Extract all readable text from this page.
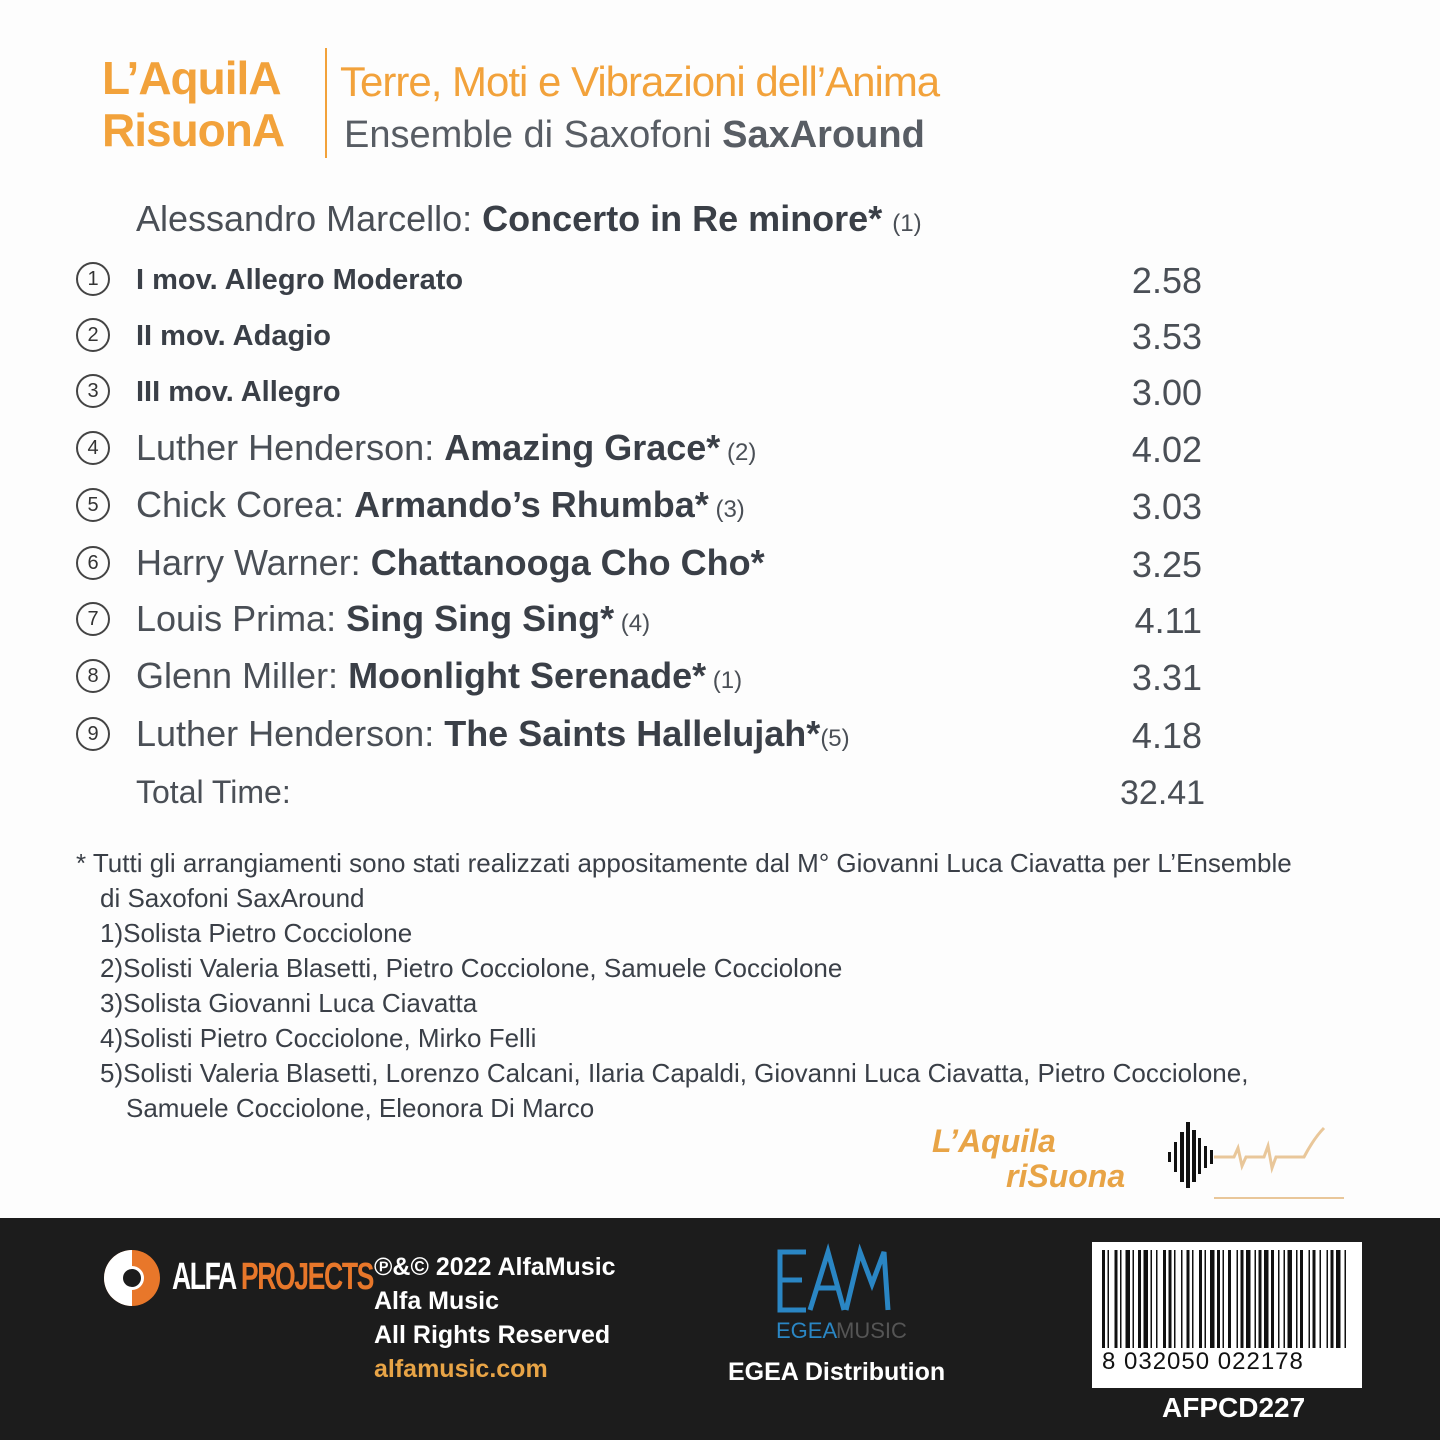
L’AquilA
RisuonA
Terre, Moti e Vibrazioni dell’Anima
Ensemble di Saxofoni SaxAround
Alessandro Marcello: Concerto in Re minore* (1)
1	I mov. Allegro Moderato	2.58
2	II mov. Adagio	3.53
3	III mov. Allegro	3.00
4	Luther Henderson: Amazing Grace* (2)	4.02
5	Chick Corea: Armando’s Rhumba* (3)	3.03
6	Harry Warner: Chattanooga Cho Cho*	3.25
7	Louis Prima: Sing Sing Sing* (4)	4.11
8	Glenn Miller: Moonlight Serenade* (1)	3.31
9	Luther Henderson: The Saints Hallelujah*(5)	4.18
Total Time:	32.41
* Tutti gli arrangiamenti sono stati realizzati appositamente dal M° Giovanni Luca Ciavatta per L’Ensemble
di Saxofoni SaxAround
1)Solista Pietro Cocciolone
2)Solisti Valeria Blasetti, Pietro Cocciolone, Samuele Cocciolone
3)Solista Giovanni Luca Ciavatta
4)Solisti Pietro Cocciolone, Mirko Felli
5)Solisti Valeria Blasetti, Lorenzo Calcani, Ilaria Capaldi, Giovanni Luca Ciavatta, Pietro Cocciolone,
Samuele Cocciolone, Eleonora Di Marco
L’Aquila
riSuona
ALFA PROJECTS ℗&© 2022 AlfaMusic
Alfa Music
All Rights Reserved
alfamusic.com
EGEA
MUSIC
EGEA Distribution	8 032050 022178
AFPCD227
